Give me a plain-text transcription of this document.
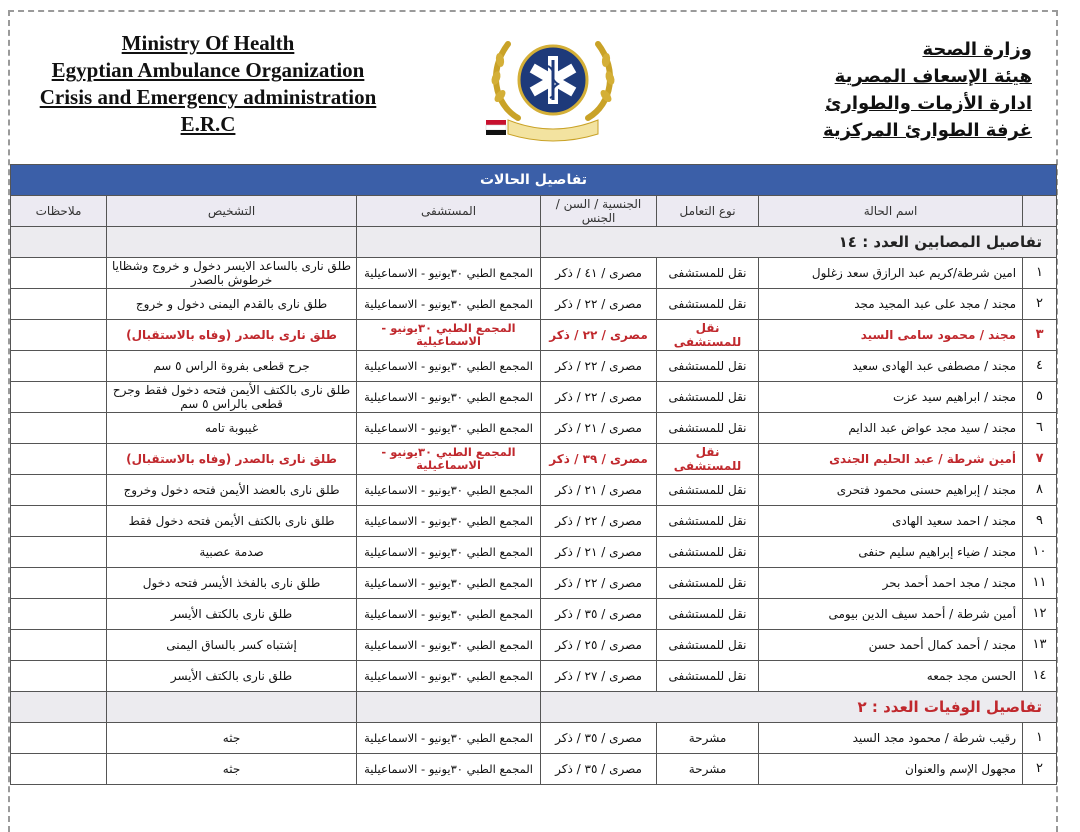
Ministry Of Health
Egyptian Ambulance Organization
Crisis and Emergency administration
E.R.C
وزارة الصحة
هيئة الإسعاف المصرية
ادارة الأزمات والطوارئ
غرفة الطوارئ المركزية
تفاصيل الحالات						
	اسم الحالة	نوع التعامل	الجنسية / السن / الجنس	المستشفى	التشخيص	ملاحظات
تفاصيل المصابين العدد : ١٤						
١	امين شرطة/كريم عبد الرازق سعد زغلول	نقل للمستشفى	مصرى / ٤١ / ذكر	المجمع الطبي ٣٠يونيو - الاسماعيلية	طلق نارى بالساعد الايسر دخول و خروج وشظايا خرطوش بالصدر	
٢	مجند / مجد على عبد المجيد مجد	نقل للمستشفى	مصرى / ٢٢ / ذكر	المجمع الطبي ٣٠يونيو - الاسماعيلية	طلق نارى بالقدم اليمنى دخول و خروج	
٣	مجند / محمود سامى السيد	نقل للمستشفى	مصرى / ٢٢ / ذكر	المجمع الطبي ٣٠يونيو - الاسماعيلية	طلق نارى بالصدر (وفاه بالاستقبال)	
٤	مجند / مصطفى عبد الهادى سعيد	نقل للمستشفى	مصرى / ٢٢ / ذكر	المجمع الطبي ٣٠يونيو - الاسماعيلية	جرح قطعى بفروة الراس ٥ سم	
٥	مجند / ابراهيم سيد عزت	نقل للمستشفى	مصرى / ٢٢ / ذكر	المجمع الطبي ٣٠يونيو - الاسماعيلية	طلق نارى بالكتف الأيمن فتحه دخول فقط وجرح قطعى بالراس ٥ سم	
٦	مجند / سيد مجد عواض عبد الدايم	نقل للمستشفى	مصرى / ٢١ / ذكر	المجمع الطبي ٣٠يونيو - الاسماعيلية	غيبوبة تامه	
٧	أمين شرطة / عبد الحليم الجندى	نقل للمستشفى	مصرى / ٣٩ / ذكر	المجمع الطبي ٣٠يونيو - الاسماعيلية	طلق نارى بالصدر (وفاه بالاستقبال)	
٨	مجند / إبراهيم حسنى محمود فتحرى	نقل للمستشفى	مصرى / ٢١ / ذكر	المجمع الطبي ٣٠يونيو - الاسماعيلية	طلق نارى بالعضد الأيمن فتحه دخول وخروج	
٩	مجند / احمد سعيد الهادى	نقل للمستشفى	مصرى / ٢٢ / ذكر	المجمع الطبي ٣٠يونيو - الاسماعيلية	طلق نارى بالكتف الأيمن فتحه دخول فقط	
١٠	مجند / ضياء إبراهيم سليم حنفى	نقل للمستشفى	مصرى / ٢١ / ذكر	المجمع الطبي ٣٠يونيو - الاسماعيلية	صدمة عصبية	
١١	مجند / مجد احمد أحمد بحر	نقل للمستشفى	مصرى / ٢٢ / ذكر	المجمع الطبي ٣٠يونيو - الاسماعيلية	طلق نارى بالفخذ الأيسر فتحه دخول	
١٢	أمين شرطة / أحمد سيف الدين بيومى	نقل للمستشفى	مصرى / ٣٥ / ذكر	المجمع الطبي ٣٠يونيو - الاسماعيلية	طلق نارى بالكتف الأيسر	
١٣	مجند / أحمد كمال أحمد حسن	نقل للمستشفى	مصرى / ٢٥ / ذكر	المجمع الطبي ٣٠يونيو - الاسماعيلية	إشتباه كسر بالساق اليمنى	
١٤	الحسن مجد جمعه	نقل للمستشفى	مصرى / ٢٧ / ذكر	المجمع الطبي ٣٠يونيو - الاسماعيلية	طلق نارى بالكتف الأيسر	
تفاصيل الوفيات العدد : ٢						
١	رقيب شرطة / محمود مجد السيد	مشرحة	مصرى / ٣٥ / ذكر	المجمع الطبي ٣٠يونيو - الاسماعيلية	جثه	
٢	مجهول الإسم والعنوان	مشرحة	مصرى / ٣٥ / ذكر	المجمع الطبي ٣٠يونيو - الاسماعيلية	جثه	
